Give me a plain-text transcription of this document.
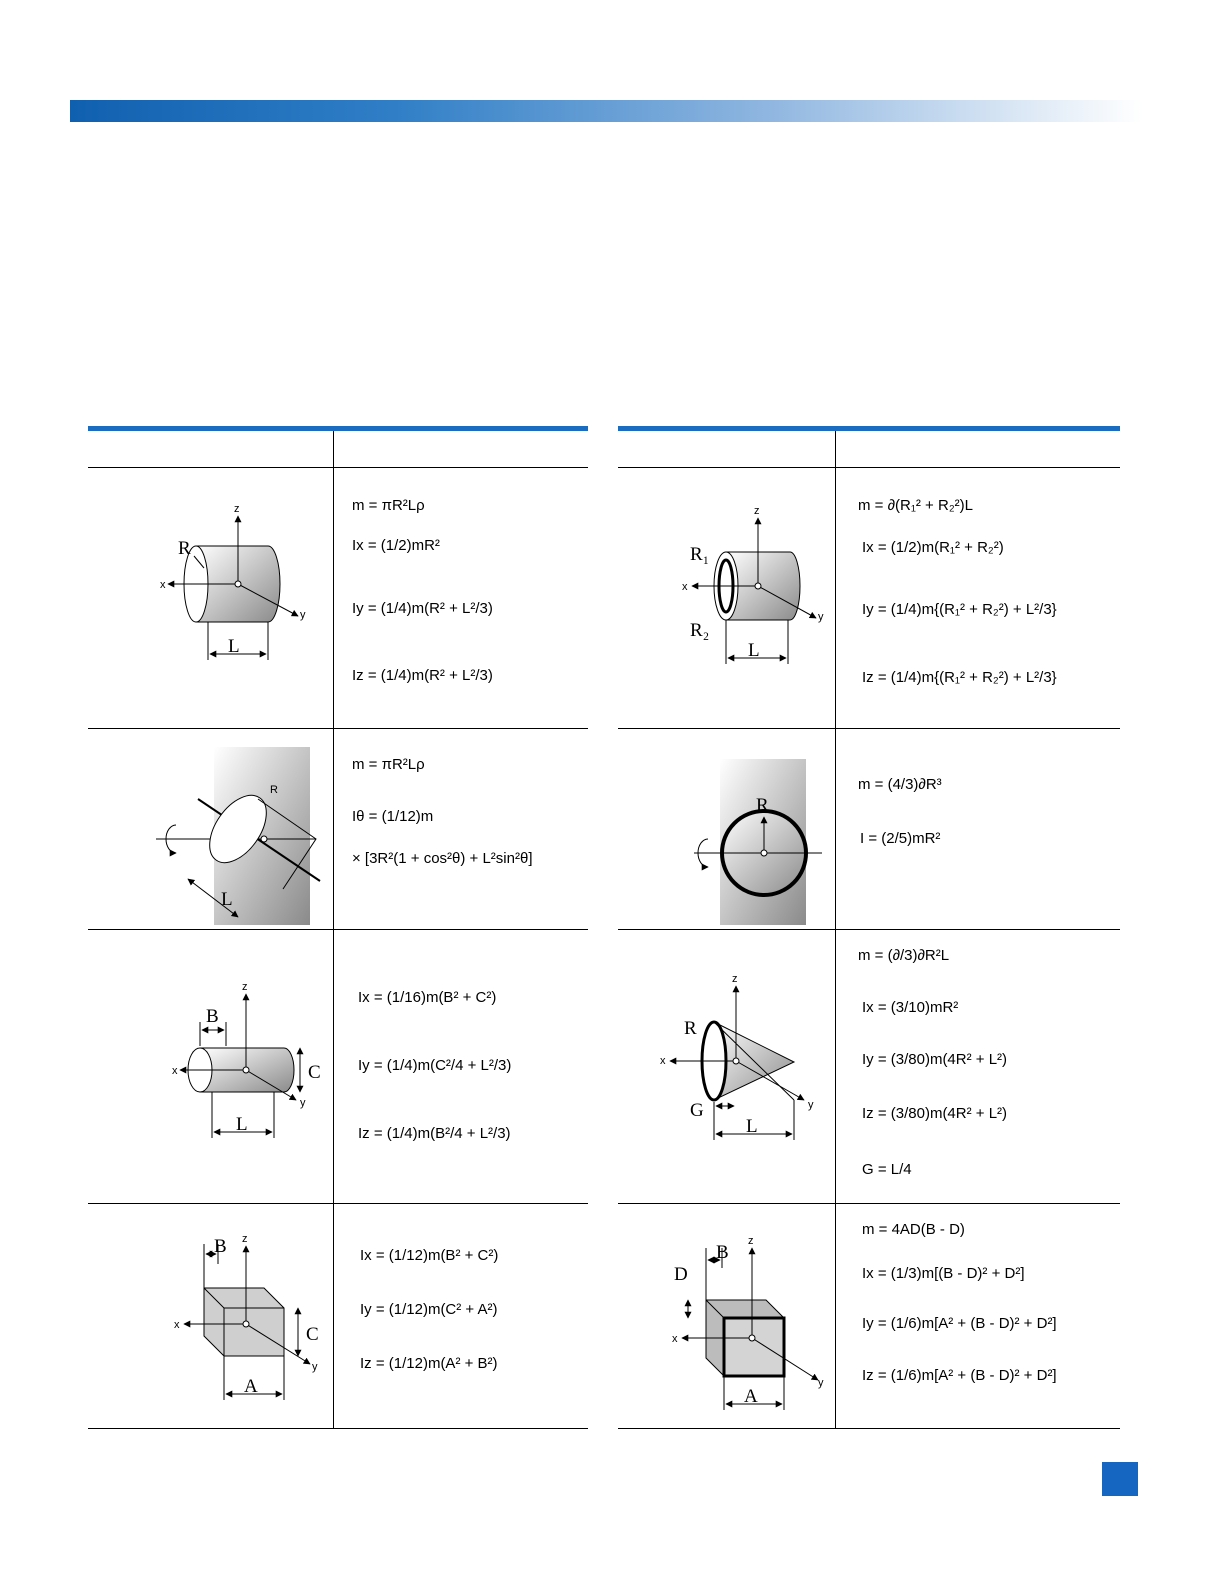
R
L
x
y
z	m = πR²Lρ
Ix = (1/2)mR²
Iy = (1/4)m(R² + L²/3)
Iz = (1/4)m(R² + L²/3)
L
R
m = πR²Lρ
Iθ = (1/12)m
× [3R²(1 + cos²θ) + L²sin²θ]
B
C
L
x
y
z
Ix = (1/16)m(B² + C²)
Iy = (1/4)m(C²/4 + L²/3)
Iz = (1/4)m(B²/4 + L²/3)
B
C
A
x
y
z
Ix = (1/12)m(B² + C²)
Iy = (1/12)m(C² + A²)
Iz = (1/12)m(A² + B²)
R₁
R₂
L
x
y
z	m = ∂(R₁² + R₂²)L
Ix = (1/2)m(R₁² + R₂²)
Iy = (1/4)m{(R₁² + R₂²) + L²/3}
Iz = (1/4)m{(R₁² + R₂²) + L²/3}
R
m = (4/3)∂R³
I = (2/5)mR²
R
G
L
x
y
z
m = (∂/3)∂R²L
Ix = (3/10)mR²
Iy = (3/80)m(4R² + L²)
Iz = (3/80)m(4R² + L²)
G = L/4
B
D
A
x
y
z
m = 4AD(B - D)
Ix = (1/3)m[(B - D)² + D²]
Iy = (1/6)m[A² + (B - D)² + D²]
Iz = (1/6)m[A² + (B - D)² + D²]
